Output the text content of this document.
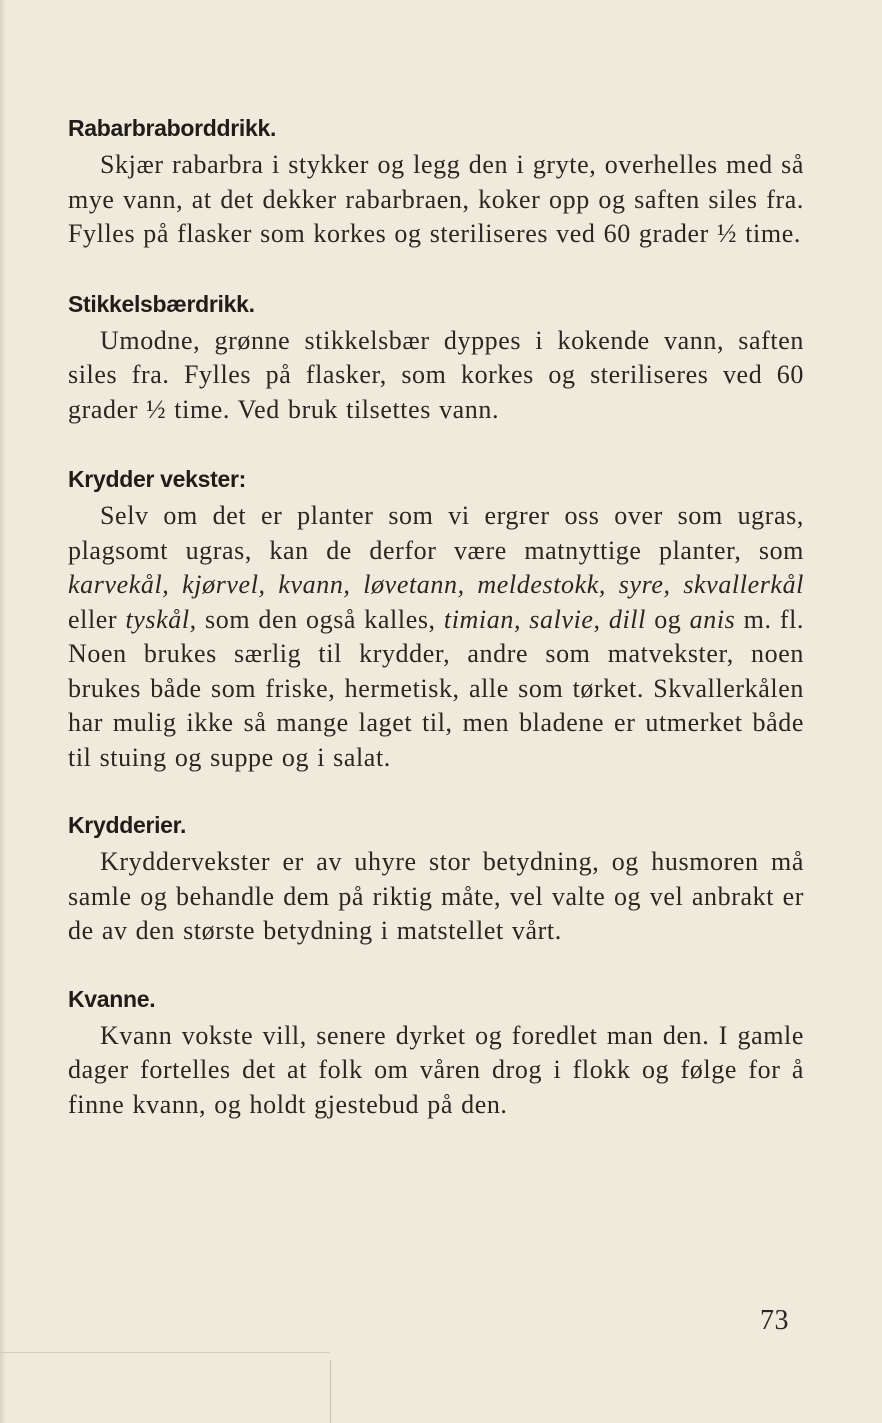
Rabarbraborddrikk.

Skjær rabarbra i stykker og legg den i gryte, overhelles med så mye vann, at det dekker rabarbraen, koker opp og saften siles fra. Fylles på flasker som korkes og steriliseres ved 60 grader ½ time.

Stikkelsbærdrikk.

Umodne, grønne stikkelsbær dyppes i kokende vann, saften siles fra. Fylles på flasker, som korkes og steriliseres ved 60 grader ½ time. Ved bruk tilsettes vann.

Krydder vekster:

Selv om det er planter som vi ergrer oss over som ugras, plagsomt ugras, kan de derfor være matnyttige planter, som karvekål, kjørvel, kvann, løvetann, meldestokk, syre, skvallerkål eller tyskål, som den også kalles, timian, salvie, dill og anis m. fl. Noen brukes særlig til krydder, andre som matvekster, noen brukes både som friske, hermetisk, alle som tørket. Skvallerkålen har mulig ikke så mange laget til, men bladene er utmerket både til stuing og suppe og i salat.

Krydderier.

Kryddervekster er av uhyre stor betydning, og husmoren må samle og behandle dem på riktig måte, vel valte og vel anbrakt er de av den største betydning i matstellet vårt.

Kvanne.

Kvann vokste vill, senere dyrket og foredlet man den. I gamle dager fortelles det at folk om våren drog i flokk og følge for å finne kvann, og holdt gjestebud på den.

73
